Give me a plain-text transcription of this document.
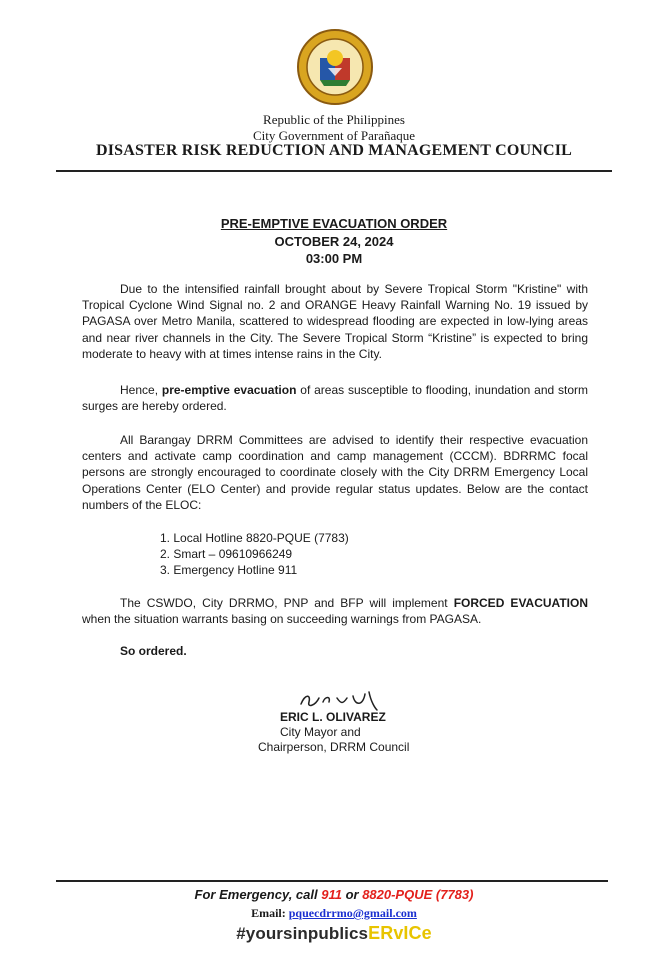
Republic of the Philippines
City Government of Parañaque
DISASTER RISK REDUCTION AND MANAGEMENT COUNCIL
PRE-EMPTIVE EVACUATION ORDER
OCTOBER 24, 2024
03:00 PM

Due to the intensified rainfall brought about by Severe Tropical Storm "Kristine" with Tropical Cyclone Wind Signal no. 2 and ORANGE Heavy Rainfall Warning No. 19 issued by PAGASA over Metro Manila, scattered to widespread flooding are expected in low-lying areas and near river channels in the City. The Severe Tropical Storm “Kristine” is expected to bring moderate to heavy with at times intense rains in the City.

Hence, pre-emptive evacuation of areas susceptible to flooding, inundation and storm surges are hereby ordered.

All Barangay DRRM Committees are advised to identify their respective evacuation centers and activate camp coordination and camp management (CCCM). BDRRMC focal persons are strongly encouraged to coordinate closely with the City DRRM Emergency Local Operations Center (ELO Center) and provide regular status updates. Below are the contact numbers of the ELOC:

1. Local Hotline 8820-PQUE (7783)
2. Smart – 09610966249
3. Emergency Hotline 911

The CSWDO, City DRRMO, PNP and BFP will implement FORCED EVACUATION when the situation warrants basing on succeeding warnings from PAGASA.

So ordered.
ERIC L. OLIVAREZ
City Mayor and
Chairperson, DRRM Council
For Emergency, call 911 or 8820-PQUE (7783)
Email: pquecdrrmo@gmail.com
#yoursinpublicsERvICe
